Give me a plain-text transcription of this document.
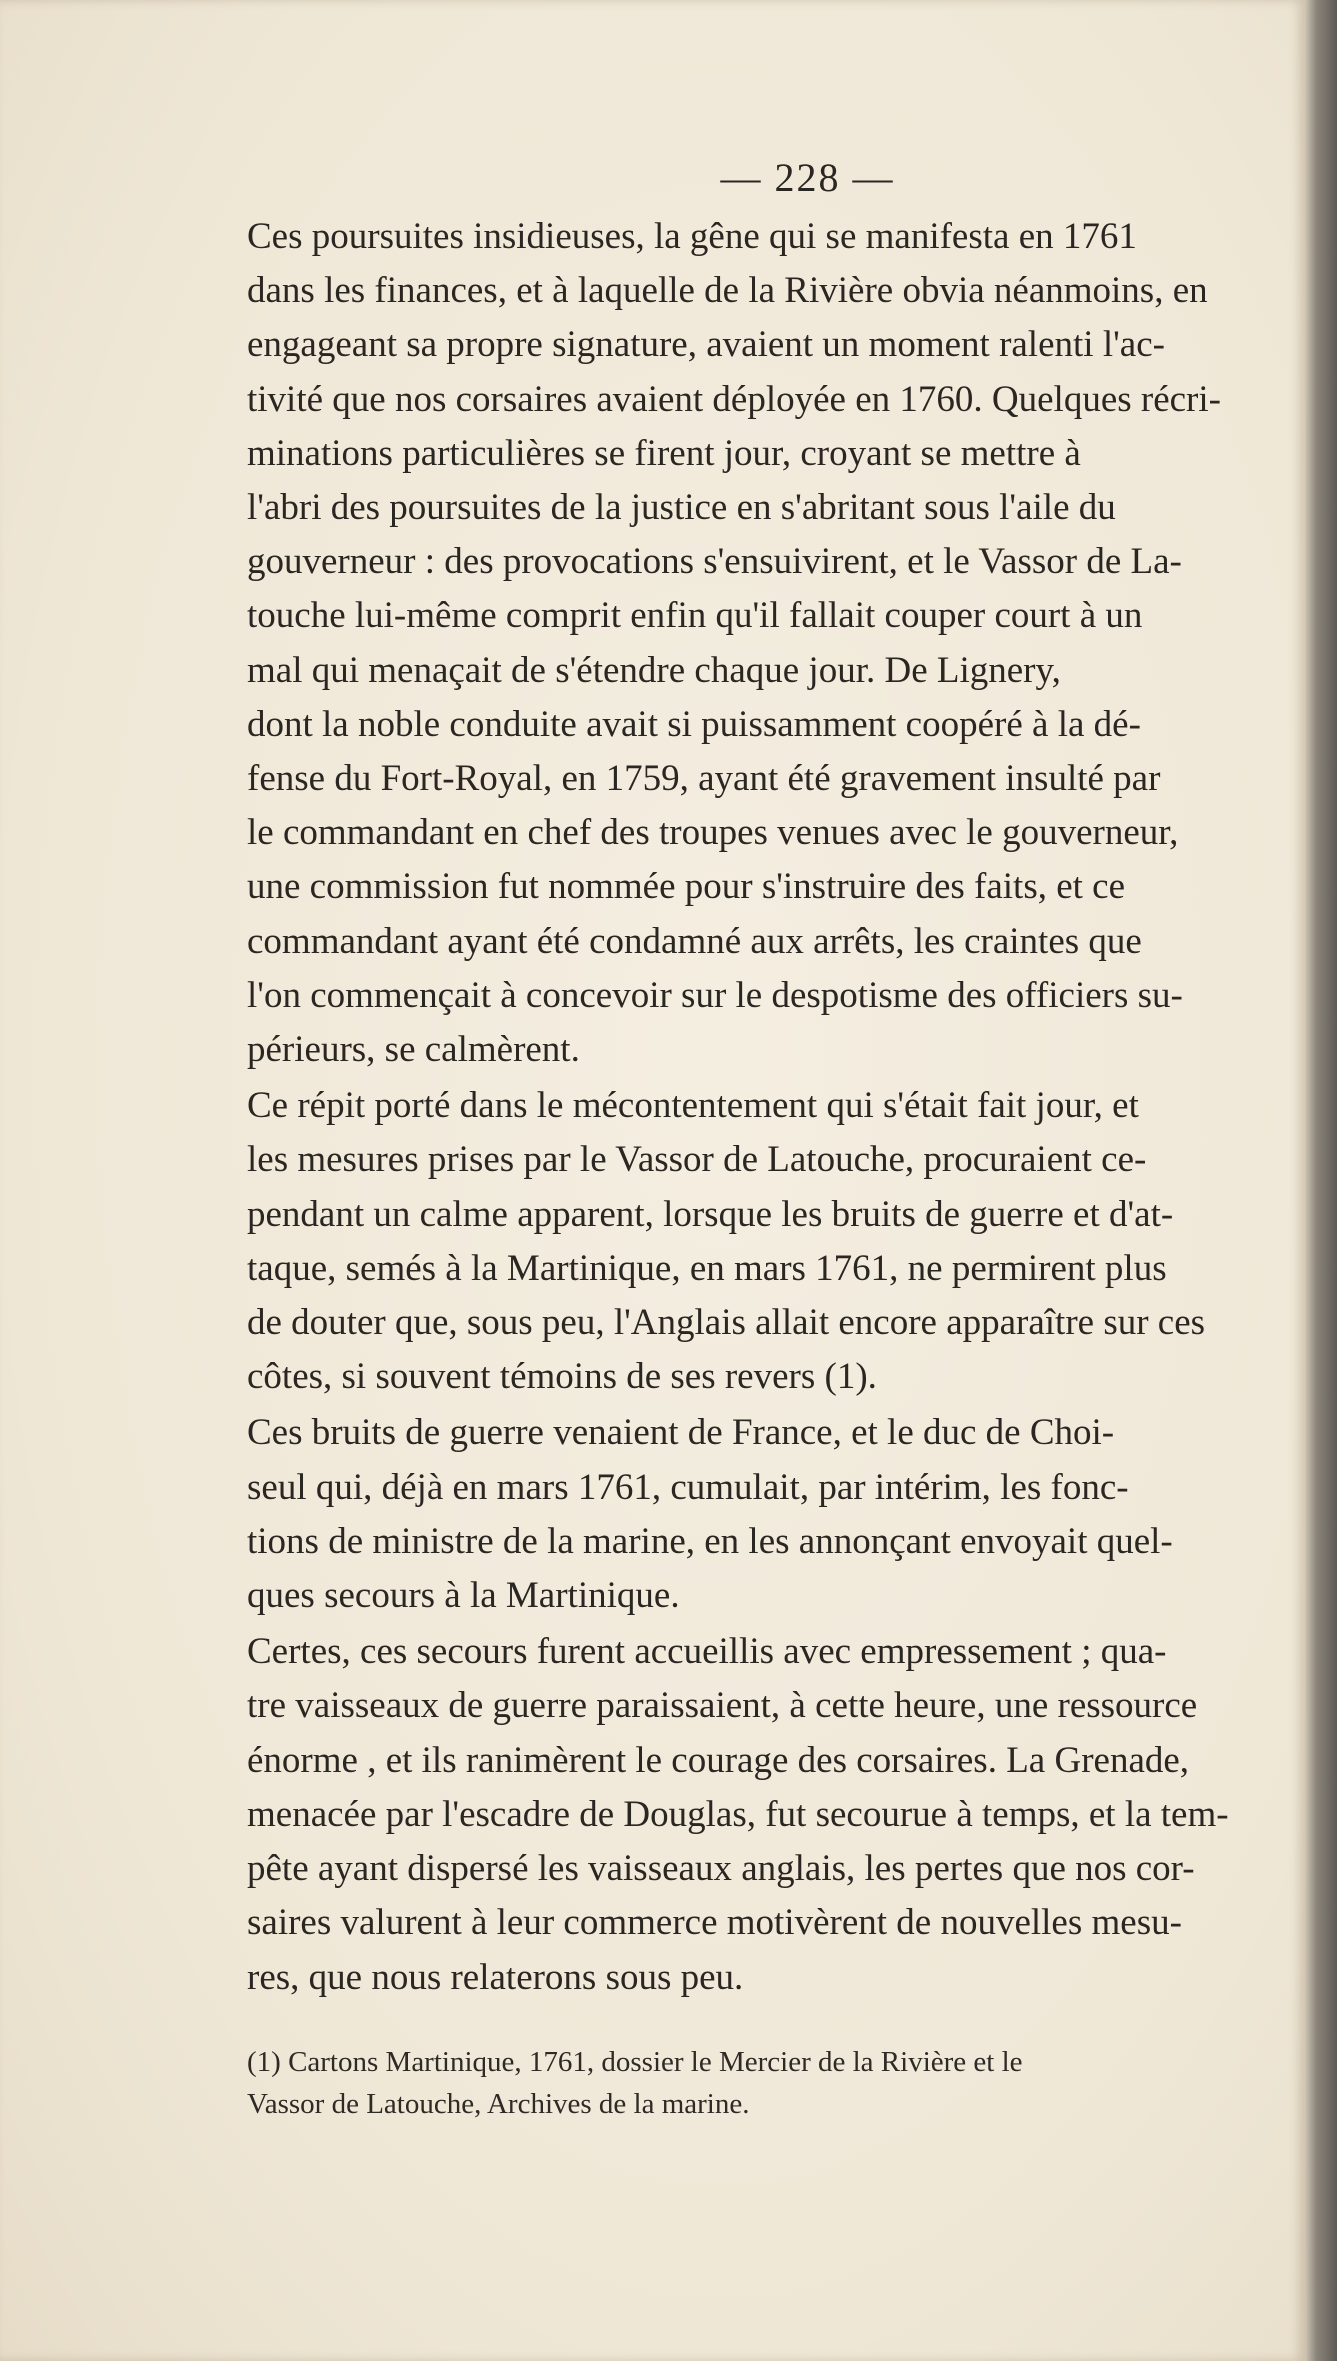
— 228 —

Ces poursuites insidieuses, la gêne qui se manifesta en 1761
dans les finances, et à laquelle de la Rivière obvia néanmoins, en
engageant sa propre signature, avaient un moment ralenti l'ac-
tivité que nos corsaires avaient déployée en 1760. Quelques récri-
minations particulières se firent jour, croyant se mettre à
l'abri des poursuites de la justice en s'abritant sous l'aile du
gouverneur : des provocations s'ensuivirent, et le Vassor de La-
touche lui-même comprit enfin qu'il fallait couper court à un
mal qui menaçait de s'étendre chaque jour. De Lignery,
dont la noble conduite avait si puissamment coopéré à la dé-
fense du Fort-Royal, en 1759, ayant été gravement insulté par
le commandant en chef des troupes venues avec le gouverneur,
une commission fut nommée pour s'instruire des faits, et ce
commandant ayant été condamné aux arrêts, les craintes que
l'on commençait à concevoir sur le despotisme des officiers su-
périeurs, se calmèrent.

Ce répit porté dans le mécontentement qui s'était fait jour, et
les mesures prises par le Vassor de Latouche, procuraient ce-
pendant un calme apparent, lorsque les bruits de guerre et d'at-
taque, semés à la Martinique, en mars 1761, ne permirent plus
de douter que, sous peu, l'Anglais allait encore apparaître sur ces
côtes, si souvent témoins de ses revers (1).

Ces bruits de guerre venaient de France, et le duc de Choi-
seul qui, déjà en mars 1761, cumulait, par intérim, les fonc-
tions de ministre de la marine, en les annonçant envoyait quel-
ques secours à la Martinique.

Certes, ces secours furent accueillis avec empressement ; qua-
tre vaisseaux de guerre paraissaient, à cette heure, une ressource
énorme , et ils ranimèrent le courage des corsaires. La Grenade,
menacée par l'escadre de Douglas, fut secourue à temps, et la tem-
pête ayant dispersé les vaisseaux anglais, les pertes que nos cor-
saires valurent à leur commerce motivèrent de nouvelles mesu-
res, que nous relaterons sous peu.

(1) Cartons Martinique, 1761, dossier le Mercier de la Rivière et le
Vassor de Latouche, Archives de la marine.
